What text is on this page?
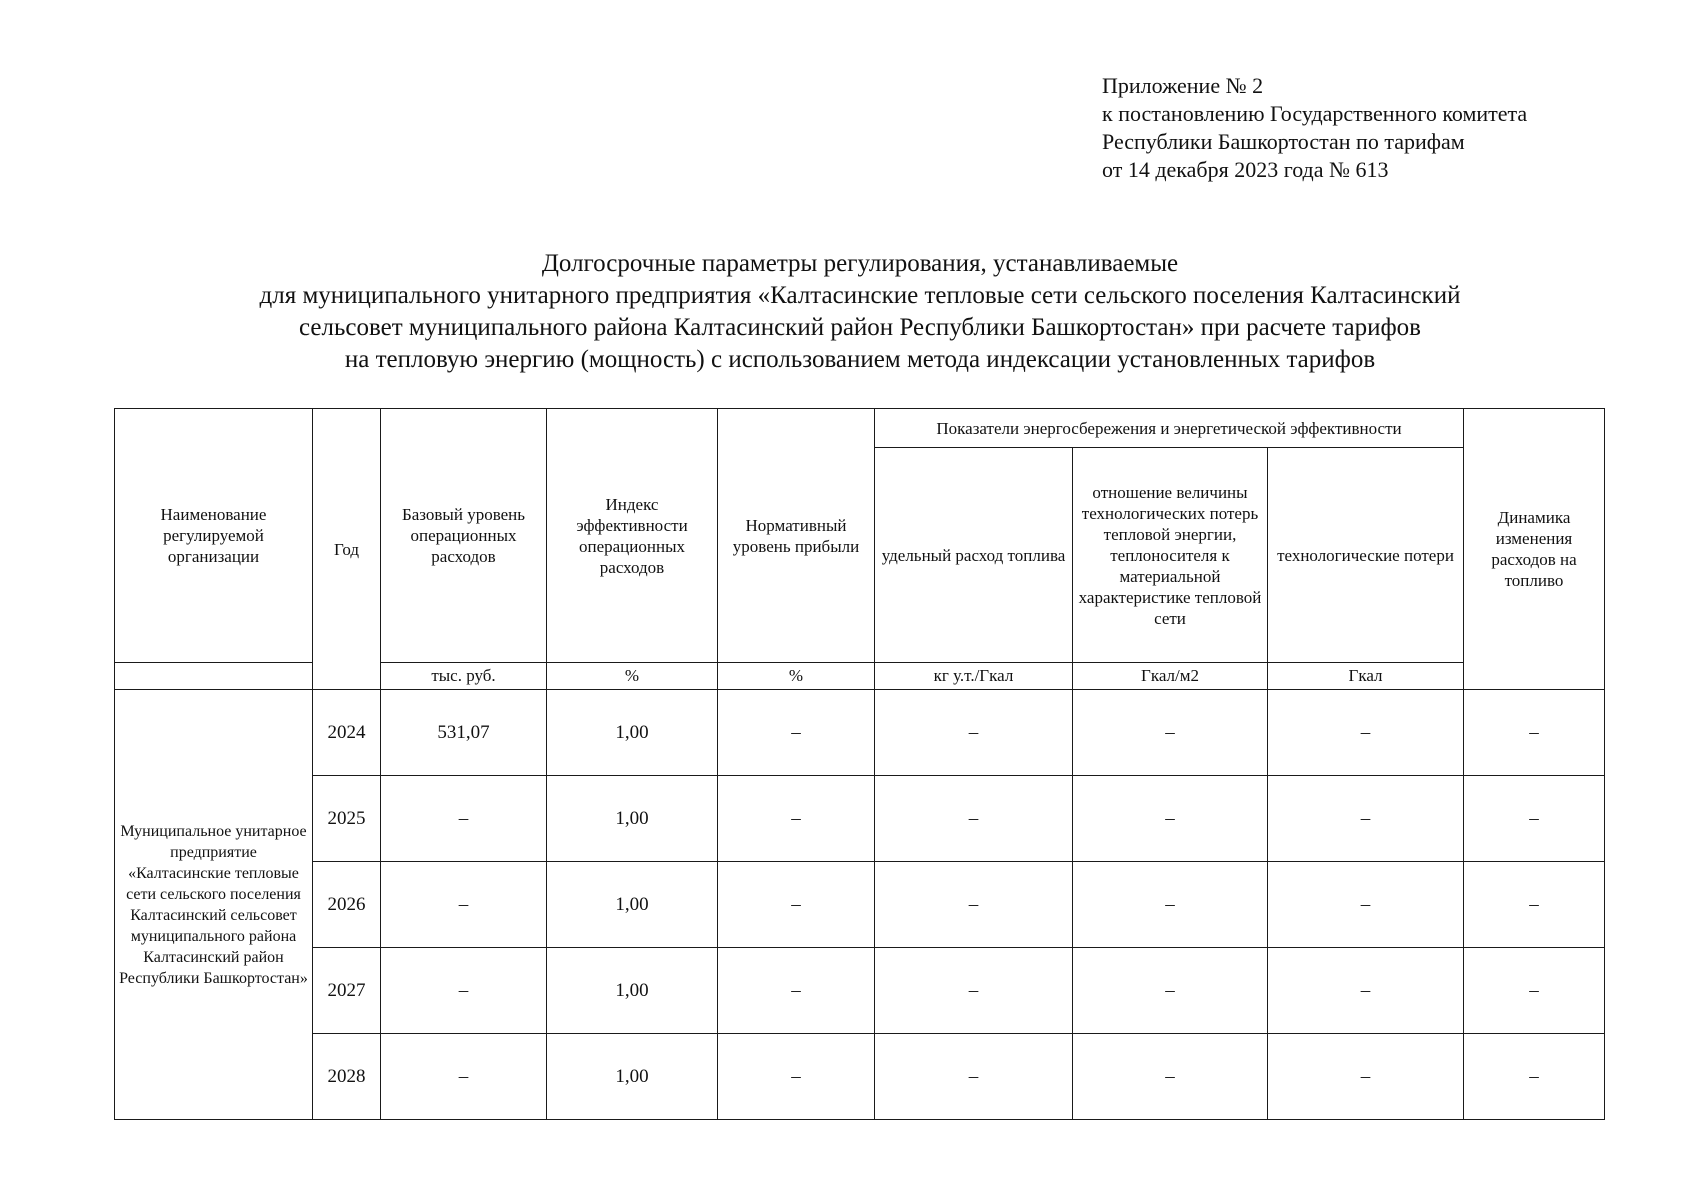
Приложение № 2
к постановлению Государственного комитета
Республики Башкортостан по тарифам
от 14 декабря 2023 года № 613
Долгосрочные параметры регулирования, устанавливаемые
для муниципального унитарного предприятия «Калтасинские тепловые сети сельского поселения Калтасинский
сельсовет муниципального района Калтасинский район Республики Башкортостан» при расчете тарифов
на тепловую энергию (мощность) с использованием метода индексации установленных тарифов
Наименование регулируемой организации	Год	Базовый уровень операционных расходов	Индекс эффективности операционных расходов	Нормативный уровень прибыли	Показатели энергосбережения и энергетической эффективности			Динамика изменения расходов на топливо
					удельный расход топлива	отношение величины технологических потерь тепловой энергии, теплоносителя к материальной характеристике тепловой сети	технологические потери	
		тыс. руб.	%	%	кг у.т./Гкал	Гкал/м2	Гкал	
Муниципальное унитарное предприятие «Калтасинские тепловые сети сельского поселения Калтасинский сельсовет муниципального района Калтасинский район Республики Башкортостан»	2024	531,07	1,00	–	–	–	–	–
	2025	–	1,00	–	–	–	–	–
	2026	–	1,00	–	–	–	–	–
	2027	–	1,00	–	–	–	–	–
	2028	–	1,00	–	–	–	–	–
